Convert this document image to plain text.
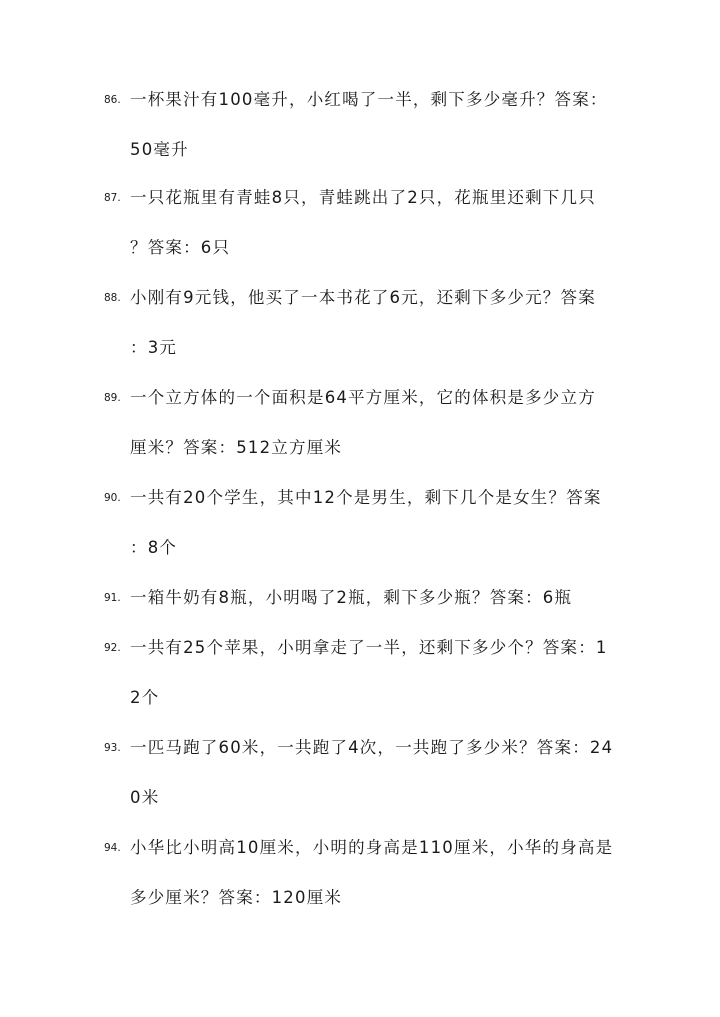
86. 一杯果汁有100毫升，小红喝了一半，剩下多少毫升？答案：
50毫升
87. 一只花瓶里有青蛙8只，青蛙跳出了2只，花瓶里还剩下几只
？答案：6只
88. 小刚有9元钱，他买了一本书花了6元，还剩下多少元？答案
：3元
89. 一个立方体的一个面积是64平方厘米，它的体积是多少立方
厘米？答案：512立方厘米
90. 一共有20个学生，其中12个是男生，剩下几个是女生？答案
：8个
91. 一箱牛奶有8瓶，小明喝了2瓶，剩下多少瓶？答案：6瓶
92. 一共有25个苹果，小明拿走了一半，还剩下多少个？答案：1
2个
93. 一匹马跑了60米，一共跑了4次，一共跑了多少米？答案：24
0米
94. 小华比小明高10厘米，小明的身高是110厘米，小华的身高是
多少厘米？答案：120厘米
